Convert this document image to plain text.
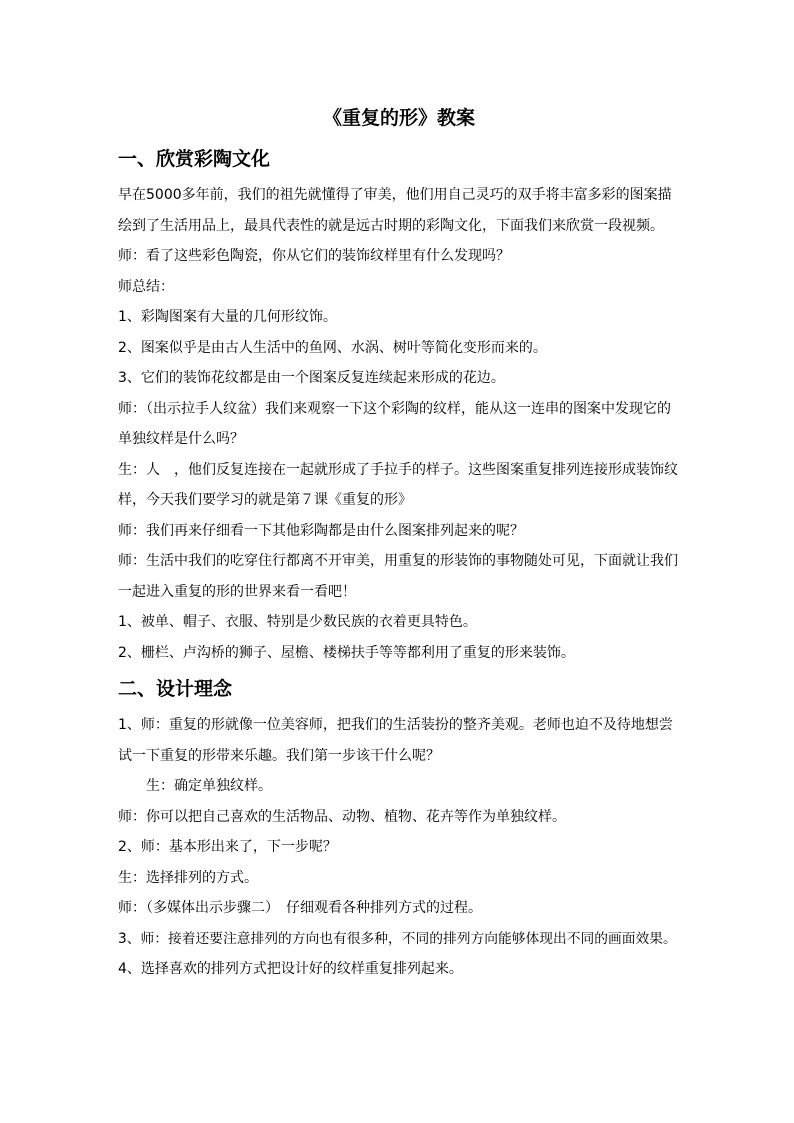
《重复的形》教案
一、欣赏彩陶文化

早在5000多年前，我们的祖先就懂得了审美，他们用自己灵巧的双手将丰富多彩的图案描

绘到了生活用品上，最具代表性的就是远古时期的彩陶文化，下面我们来欣赏一段视频。

师：看了这些彩色陶瓷，你从它们的装饰纹样里有什么发现吗？

师总结：

1、彩陶图案有大量的几何形纹饰。

2、图案似乎是由古人生活中的鱼网、水涡、树叶等简化变形而来的。

3、它们的装饰花纹都是由一个图案反复连续起来形成的花边。

师：（出示拉手人纹盆）我们来观察一下这个彩陶的纹样，能从这一连串的图案中发现它的

单独纹样是什么吗？

生：人　，他们反复连接在一起就形成了手拉手的样子。这些图案重复排列连接形成装饰纹

样，今天我们要学习的就是第７课《重复的形》

师：我们再来仔细看一下其他彩陶都是由什么图案排列起来的呢？

师：生活中我们的吃穿住行都离不开审美，用重复的形装饰的事物随处可见，下面就让我们

一起进入重复的形的世界来看一看吧！

1、被单、帽子、衣服、特别是少数民族的衣着更具特色。

2、栅栏、卢沟桥的狮子、屋檐、楼梯扶手等等都利用了重复的形来装饰。

二、设计理念

1、师：重复的形就像一位美容师，把我们的生活装扮的整齐美观。老师也迫不及待地想尝

试一下重复的形带来乐趣。我们第一步该干什么呢？

生：确定单独纹样。

师：你可以把自己喜欢的生活物品、动物、植物、花卉等作为单独纹样。

2、师：基本形出来了，下一步呢？

生：选择排列的方式。

师：（多媒体出示步骤二）　仔细观看各种排列方式的过程。

3、师：接着还要注意排列的方向也有很多种，不同的排列方向能够体现出不同的画面效果。

4、选择喜欢的排列方式把设计好的纹样重复排列起来。
